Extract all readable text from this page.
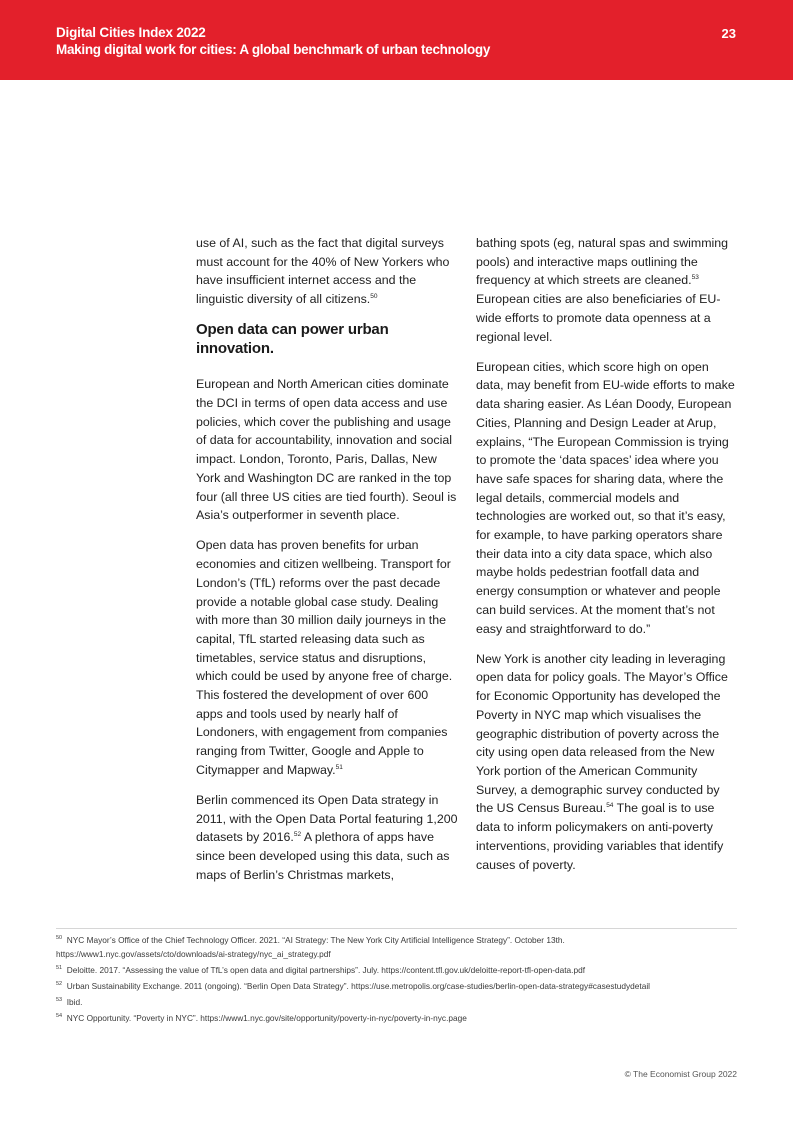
Digital Cities Index 2022
Making digital work for cities: A global benchmark of urban technology
23

use of AI, such as the fact that digital surveys must account for the 40% of New Yorkers who have insufficient internet access and the linguistic diversity of all citizens.$^{50}$

Open data can power urban innovation.

European and North American cities dominate the DCI in terms of open data access and use policies, which cover the publishing and usage of data for accountability, innovation and social impact. London, Toronto, Paris, Dallas, New York and Washington DC are ranked in the top four (all three US cities are tied fourth). Seoul is Asia’s outperformer in seventh place.

Open data has proven benefits for urban economies and citizen wellbeing. Transport for London’s (TfL) reforms over the past decade provide a notable global case study. Dealing with more than 30 million daily journeys in the capital, TfL started releasing data such as timetables, service status and disruptions, which could be used by anyone free of charge. This fostered the development of over 600 apps and tools used by nearly half of Londoners, with engagement from companies ranging from Twitter, Google and Apple to Citymapper and Mapway.$^{51}$

Berlin commenced its Open Data strategy in 2011, with the Open Data Portal featuring 1,200 datasets by 2016.52 A plethora of apps have since been developed using this data, such as maps of Berlin’s Christmas markets,

bathing spots (eg, natural spas and swimming pools) and interactive maps outlining the frequency at which streets are cleaned.$^{53}$ European cities are also beneficiaries of EU-wide efforts to promote data openness at a regional level.

European cities, which score high on open data, may benefit from EU-wide efforts to make data sharing easier. As Léan Doody, European Cities, Planning and Design Leader at Arup, explains, “The European Commission is trying to promote the ‘data spaces’ idea where you have safe spaces for sharing data, where the legal details, commercial models and technologies are worked out, so that it’s easy, for example, to have parking operators share their data into a city data space, which also maybe holds pedestrian footfall data and energy consumption or whatever and people can build services. At the moment that’s not easy and straightforward to do.”

New York is another city leading in leveraging open data for policy goals. The Mayor’s Office for Economic Opportunity has developed the Poverty in NYC map which visualises the geographic distribution of poverty across the city using open data released from the New York portion of the American Community Survey, a demographic survey conducted by the US Census Bureau.$^{54}$ The goal is to use data to inform policymakers on anti-poverty interventions, providing variables that identify causes of poverty.

$^{50}$ NYC Mayor’s Office of the Chief Technology Officer. 2021. “AI Strategy: The New York City Artificial Intelligence Strategy”. October 13th. https://www1.nyc.gov/assets/cto/downloads/ai-strategy/nyc_ai_strategy.pdf
$^{51}$ Deloitte. 2017. “Assessing the value of TfL’s open data and digital partnerships”. July. https://content.tfl.gov.uk/deloitte-report-tfl-open-data.pdf
$^{52}$ Urban Sustainability Exchange. 2011 (ongoing). “Berlin Open Data Strategy”. https://use.metropolis.org/case-studies/berlin-open-data-strategy#casestudydetail
$^{53}$ Ibid.
$^{54}$ NYC Opportunity. “Poverty in NYC”. https://www1.nyc.gov/site/opportunity/poverty-in-nyc/poverty-in-nyc.page
© The Economist Group 2022
